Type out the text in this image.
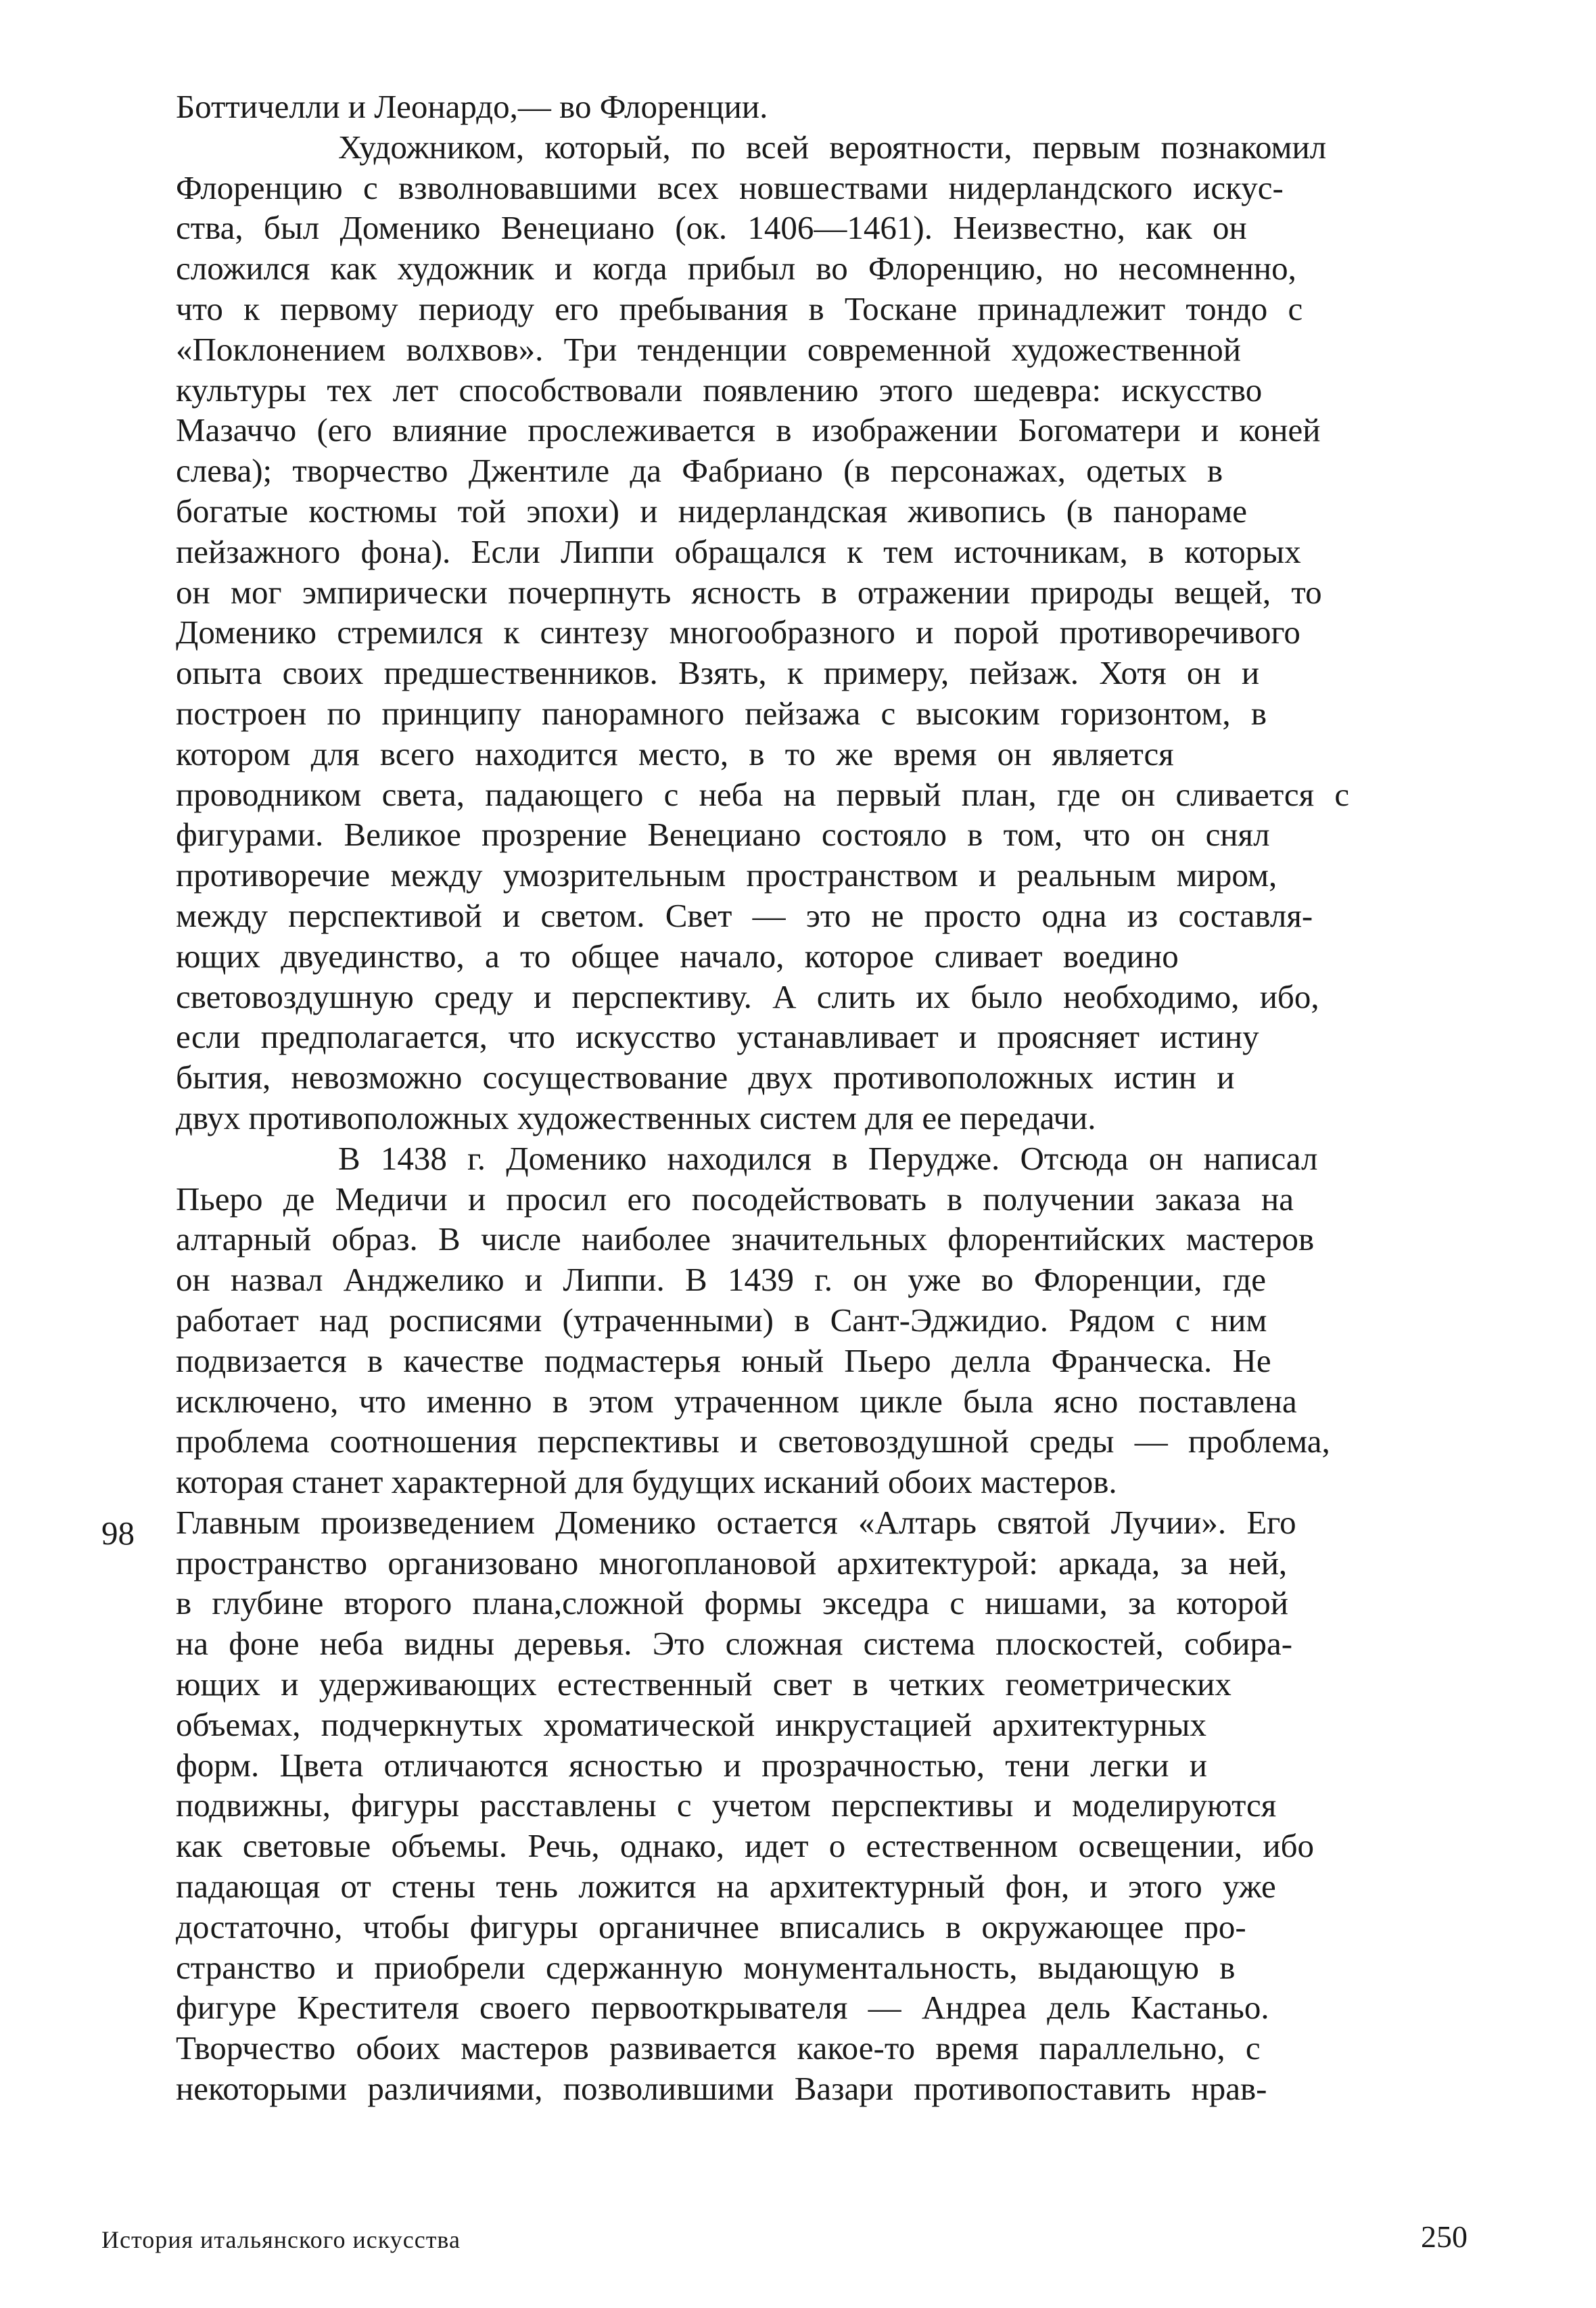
Боттичелли и Леонардо,— во Флоренции.
Художником, который, по всей вероятности, первым познакомил
Флоренцию с взволновавшими всех новшествами нидерландского искус-
ства, был Доменико Венециано (ок. 1406—1461). Неизвестно, как он
сложился как художник и когда прибыл во Флоренцию, но несомненно,
что к первому периоду его пребывания в Тоскане принадлежит тондо с
«Поклонением волхвов». Три тенденции современной художественной
культуры тех лет способствовали появлению этого шедевра: искусство
Мазаччо (его влияние прослеживается в изображении Богоматери и коней
слева); творчество Джентиле да Фабриано (в персонажах, одетых в
богатые костюмы той эпохи) и нидерландская живопись (в панораме
пейзажного фона). Если Липпи обращался к тем источникам, в которых
он мог эмпирически почерпнуть ясность в отражении природы вещей, то
Доменико стремился к синтезу многообразного и порой противоречивого
опыта своих предшественников. Взять, к примеру, пейзаж. Хотя он и
построен по принципу панорамного пейзажа с высоким горизонтом, в
котором для всего находится место, в то же время он является
проводником света, падающего с неба на первый план, где он сливается с
фигурами. Великое прозрение Венециано состояло в том, что он снял
противоречие между умозрительным пространством и реальным миром,
между перспективой и светом. Свет — это не просто одна из составля-
ющих двуединство, а то общее начало, которое сливает воедино
световоздушную среду и перспективу. А слить их было необходимо, ибо,
если предполагается, что искусство устанавливает и проясняет истину
бытия, невозможно сосуществование двух противоположных истин и
двух противоположных художественных систем для ее передачи.
В 1438 г. Доменико находился в Перудже. Отсюда он написал
Пьеро де Медичи и просил его посодействовать в получении заказа на
алтарный образ. В числе наиболее значительных флорентийских мастеров
он назвал Анджелико и Липпи. В 1439 г. он уже во Флоренции, где
работает над росписями (утраченными) в Сант-Эджидио. Рядом с ним
подвизается в качестве подмастерья юный Пьеро делла Франческа. Не
исключено, что именно в этом утраченном цикле была ясно поставлена
проблема соотношения перспективы и световоздушной среды — проблема,
которая станет характерной для будущих исканий обоих мастеров.
Главным произведением Доменико остается «Алтарь святой Лучии». Его
пространство организовано многоплановой архитектурой: аркада, за ней,
в глубине второго плана,сложной формы экседра с нишами, за которой
на фоне неба видны деревья. Это сложная система плоскостей, собира-
ющих и удерживающих естественный свет в четких геометрических
объемах, подчеркнутых хроматической инкрустацией архитектурных
форм. Цвета отличаются ясностью и прозрачностью, тени легки и
подвижны, фигуры расставлены с учетом перспективы и моделируются
как световые объемы. Речь, однако, идет о естественном освещении, ибо
падающая от стены тень ложится на архитектурный фон, и этого уже
достаточно, чтобы фигуры органичнее вписались в окружающее про-
странство и приобрели сдержанную монументальность, выдающую в
фигуре Крестителя своего первооткрывателя — Андреа дель Кастаньо.
Творчество обоих мастеров развивается какое-то время параллельно, с
некоторыми различиями, позволившими Вазари противопоставить нрав-
98
История итальянского искусства	250
